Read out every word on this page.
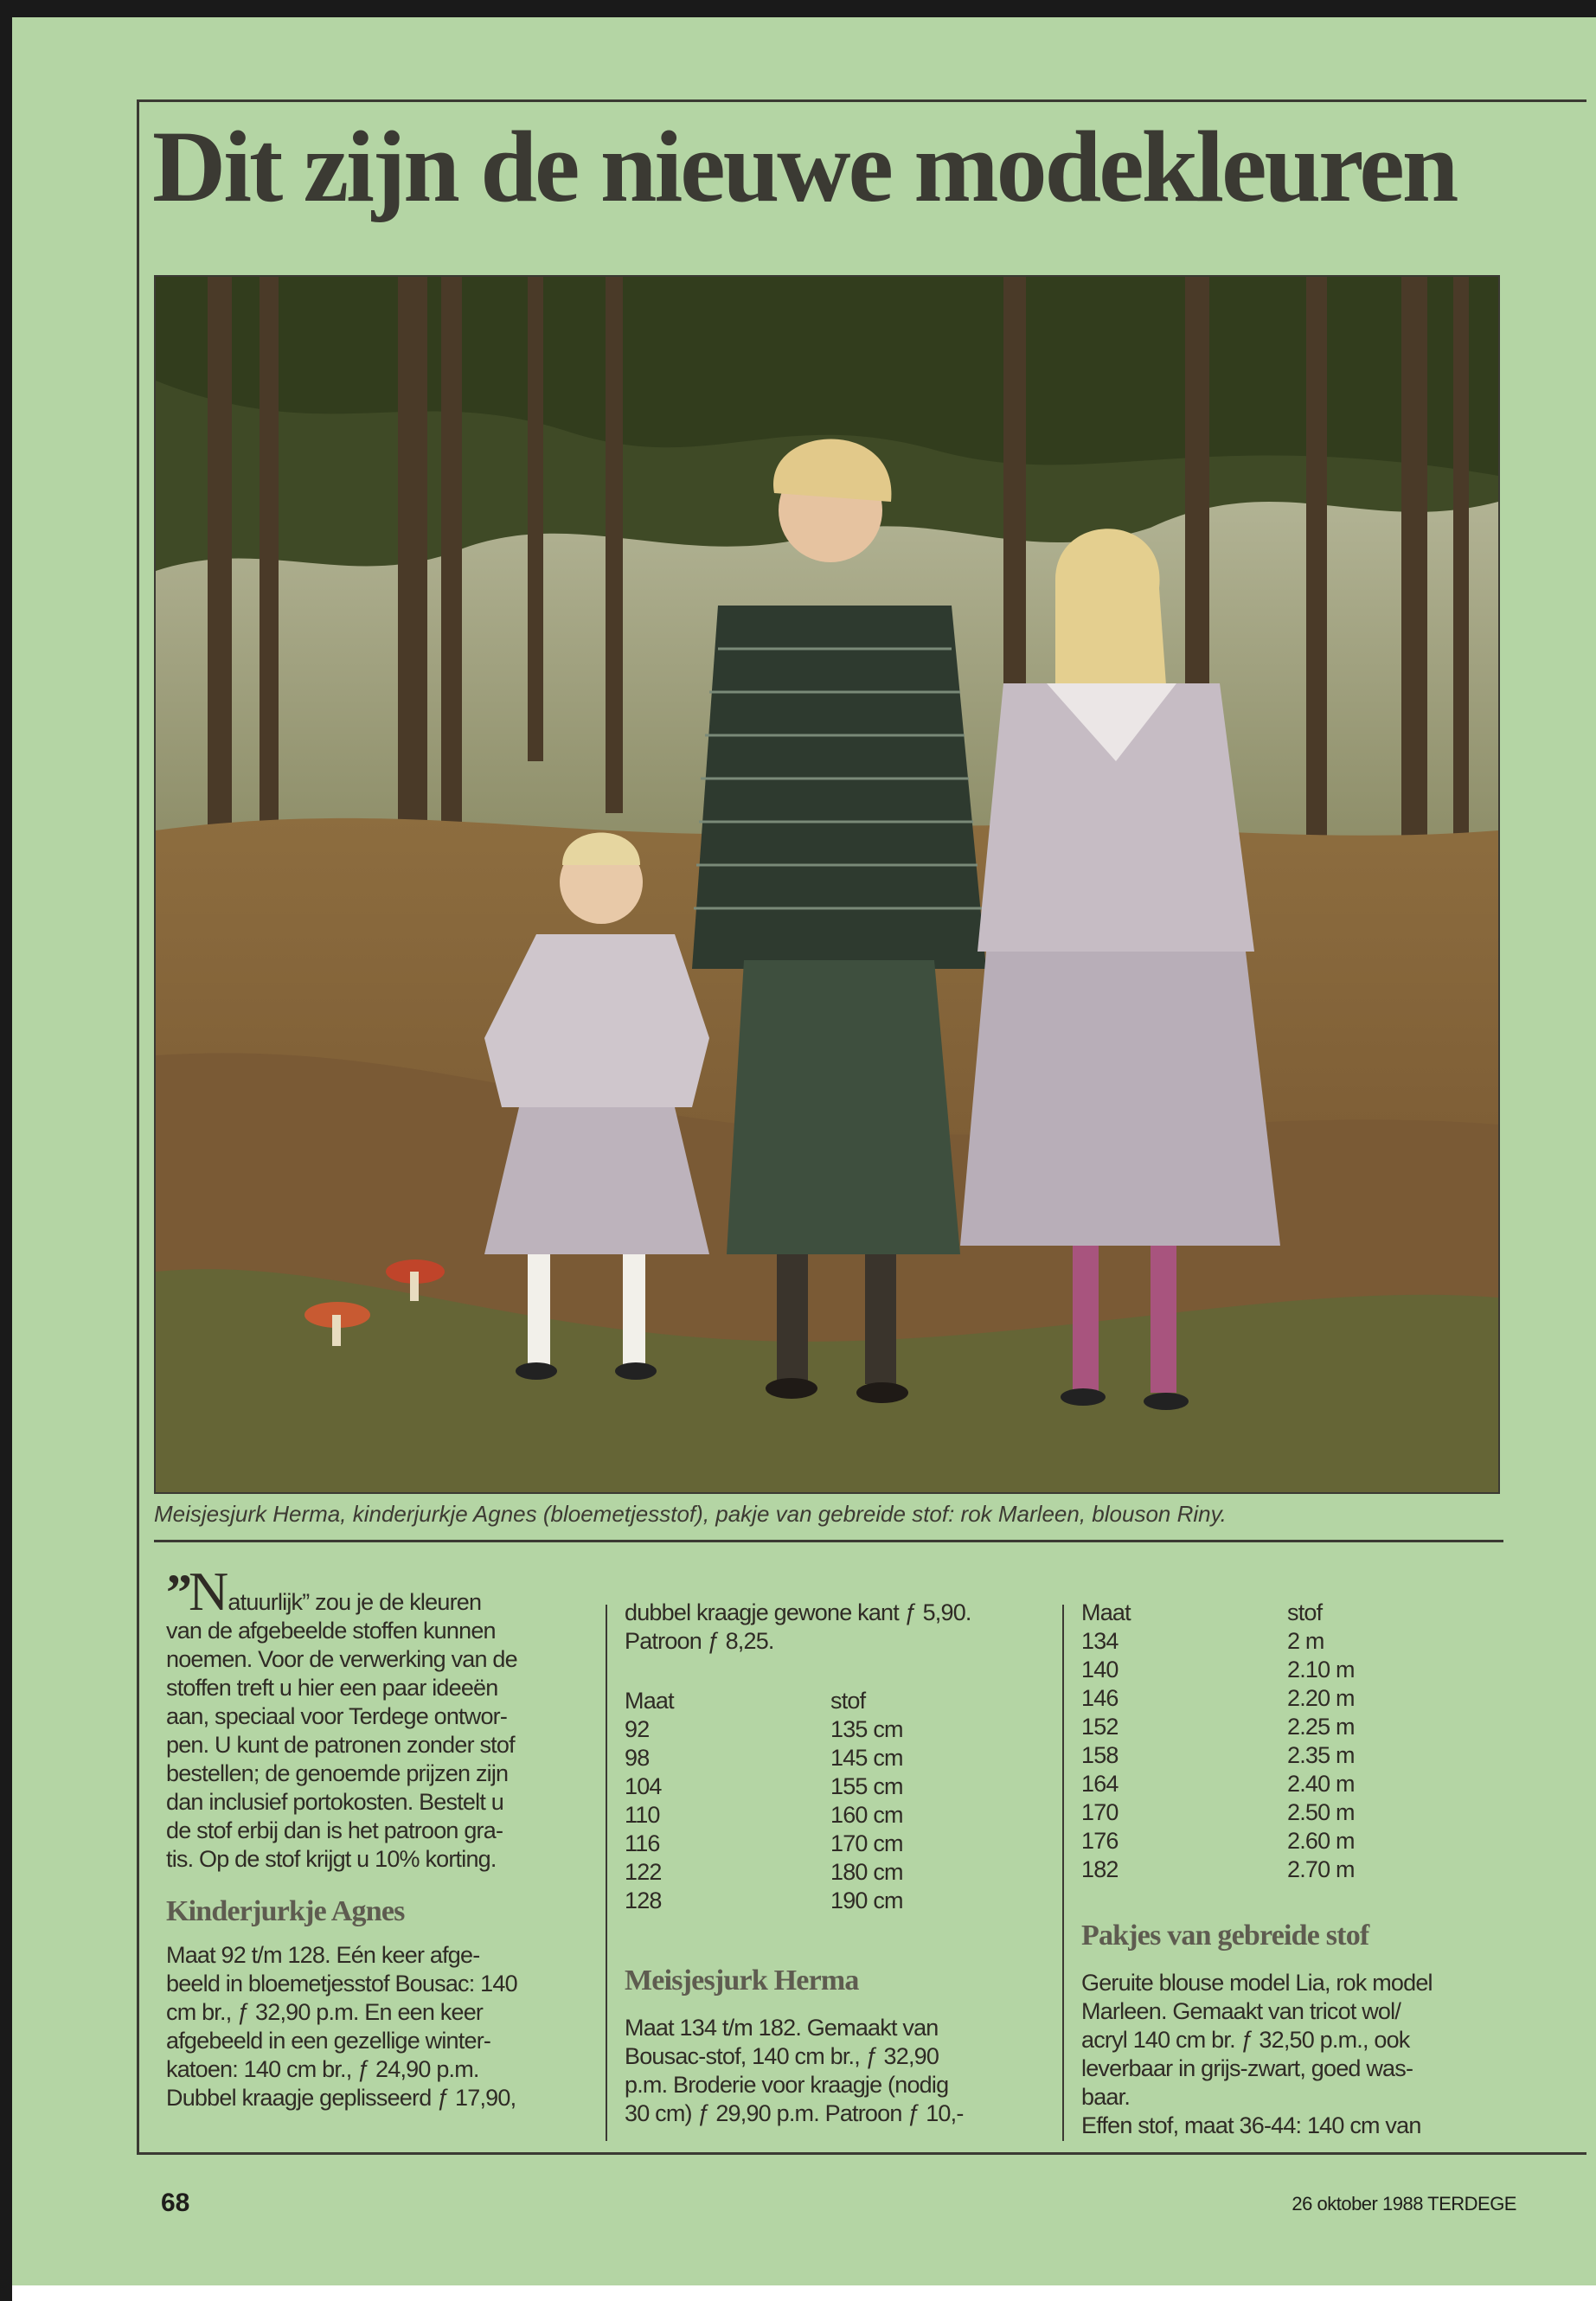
Dit zijn de nieuwe modekleuren
Meisjesjurk Herma, kinderjurkje Agnes (bloemetjesstof), pakje van gebreide stof: rok Marleen, blouson Riny.

”Natuurlijk” zou je de kleuren
van de afgebeelde stoffen kunnen
noemen. Voor de verwerking van de
stoffen treft u hier een paar ideeën
aan, speciaal voor Terdege ontwor-
pen. U kunt de patronen zonder stof
bestellen; de genoemde prijzen zijn
dan inclusief portokosten. Bestelt u
de stof erbij dan is het patroon gra-
tis. Op de stof krijgt u 10% korting.

Kinderjurkje Agnes

Maat 92 t/m 128. Eén keer afge-
beeld in bloemetjesstof Bousac: 140
cm br., ƒ 32,90 p.m. En een keer
afgebeeld in een gezellige winter-
katoen: 140 cm br., ƒ 24,90 p.m.
Dubbel kraagje geplisseerd ƒ 17,90,

dubbel kraagje gewone kant ƒ 5,90.
Patroon ƒ 8,25.

Maat	stof
92	135 cm
98	145 cm
104	155 cm
110	160 cm
116	170 cm
122	180 cm
128	190 cm
Meisjesjurk Herma

Maat 134 t/m 182. Gemaakt van
Bousac-stof, 140 cm br., ƒ 32,90
p.m. Broderie voor kraagje (nodig
30 cm) ƒ 29,90 p.m. Patroon ƒ 10,-

Maat	stof
134	2 m
140	2.10 m
146	2.20 m
152	2.25 m
158	2.35 m
164	2.40 m
170	2.50 m
176	2.60 m
182	2.70 m
Pakjes van gebreide stof

Geruite blouse model Lia, rok model
Marleen. Gemaakt van tricot wol/
acryl 140 cm br. ƒ 32,50 p.m., ook
leverbaar in grijs-zwart, goed was-
baar.
Effen stof, maat 36-44: 140 cm van

68	26 oktober 1988 TERDEGE
